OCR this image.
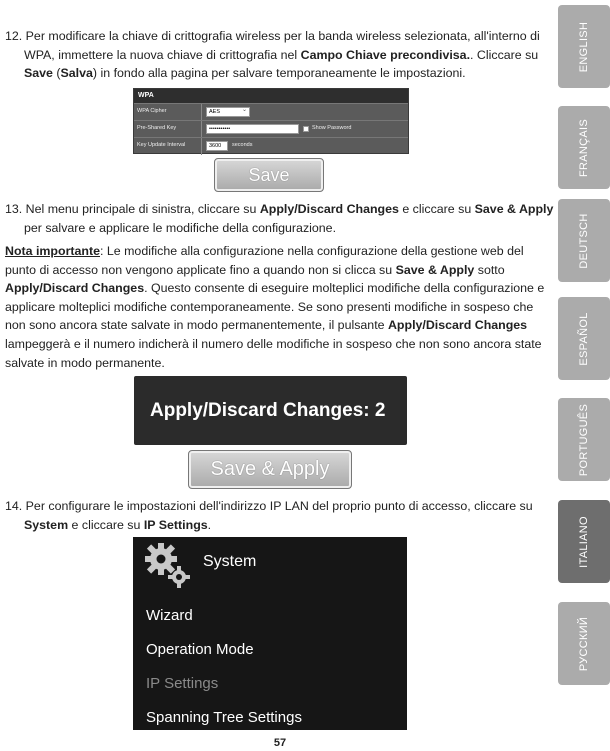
12. Per modificare la chiave di crittografia wireless per la banda wireless selezionata, all'interno di WPA, immettere la nuova chiave di crittografia nel Campo Chiave precondivisa.. Cliccare su Save (Salva) in fondo alla pagina per salvare temporaneamente le impostazioni.

WPA
WPA Cipher	AES	⌄
Pre-Shared Key	•••••••••••	Show Password
Key Update Interval	3600	seconds
Save

13. Nel menu principale di sinistra, cliccare su Apply/Discard Changes e cliccare su Save & Apply per salvare e applicare le modifiche della configurazione.

Nota importante: Le modifiche alla configurazione nella configurazione della gestione web del punto di accesso non vengono applicate fino a quando non si clicca su Save & Apply sotto Apply/Discard Changes. Questo consente di eseguire molteplici modifiche della configurazione e applicare molteplici modifiche contemporaneamente. Se sono presenti modifiche in sospeso che non sono ancora state salvate in modo permanentemente, il pulsante Apply/Discard Changes lampeggerà e il numero indicherà il numero delle modifiche in sospeso che non sono ancora state salvate in modo permanente.

Apply/Discard Changes: 2
Save & Apply

14. Per configurare le impostazioni dell'indirizzo IP LAN del proprio punto di accesso, cliccare su System e cliccare su IP Settings.

System
Wizard
Operation Mode
IP Settings
Spanning Tree Settings
57
ENGLISH
FRANÇAIS
DEUTSCH
ESPAÑOL
PORTUGUÊS
ITALIANO
РУССКИЙ
